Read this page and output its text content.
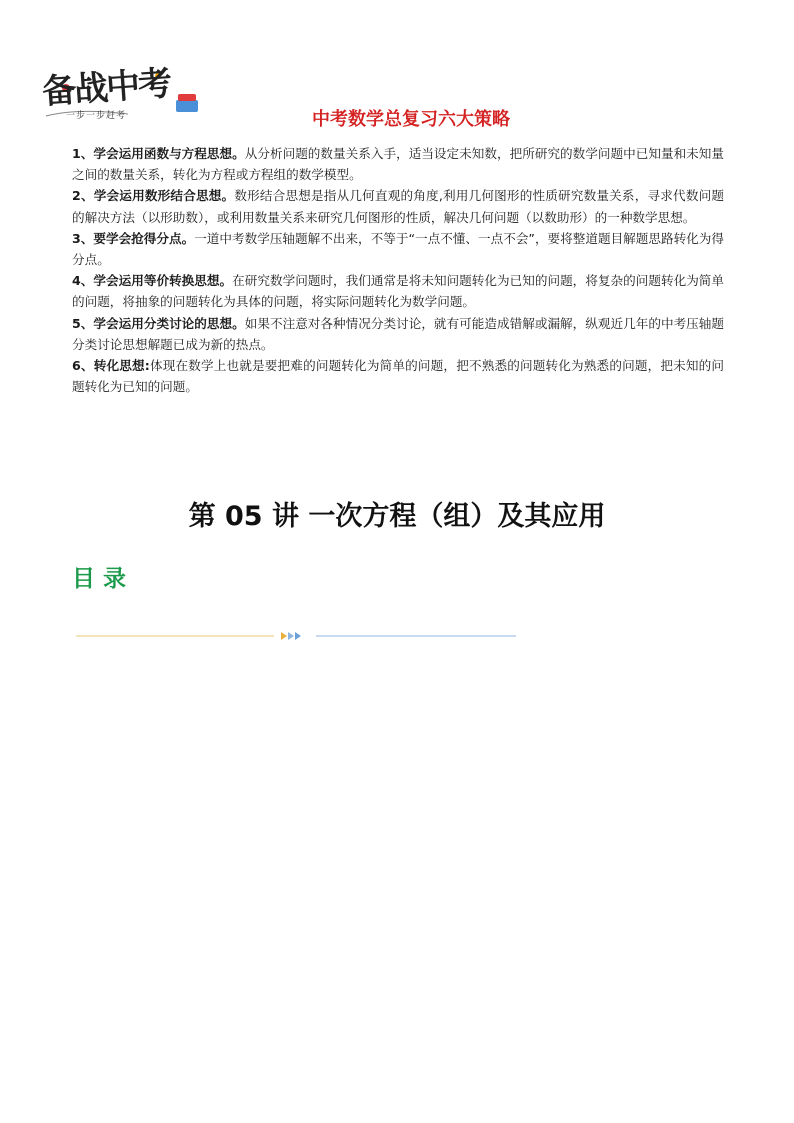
备战中考
一步一步赶考	中考数学总复习六大策略

1、学会运用函数与方程思想。从分析问题的数量关系入手，适当设定未知数，把所研究的数学问题中已知量和未知量之间的数量关系，转化为方程或方程组的数学模型。

2、学会运用数形结合思想。数形结合思想是指从几何直观的角度,利用几何图形的性质研究数量关系，寻求代数问题的解决方法（以形助数），或利用数量关系来研究几何图形的性质，解决几何问题（以数助形）的一种数学思想。

3、要学会抢得分点。一道中考数学压轴题解不出来，不等于“一点不懂、一点不会”，要将整道题目解题思路转化为得分点。

4、学会运用等价转换思想。在研究数学问题时，我们通常是将未知问题转化为已知的问题，将复杂的问题转化为简单的问题，将抽象的问题转化为具体的问题，将实际问题转化为数学问题。

5、学会运用分类讨论的思想。如果不注意对各种情况分类讨论，就有可能造成错解或漏解，纵观近几年的中考压轴题分类讨论思想解题已成为新的热点。

6、转化思想:体现在数学上也就是要把难的问题转化为简单的问题，把不熟悉的问题转化为熟悉的问题，把未知的问题转化为已知的问题。

第 05 讲 一次方程（组）及其应用
目录
